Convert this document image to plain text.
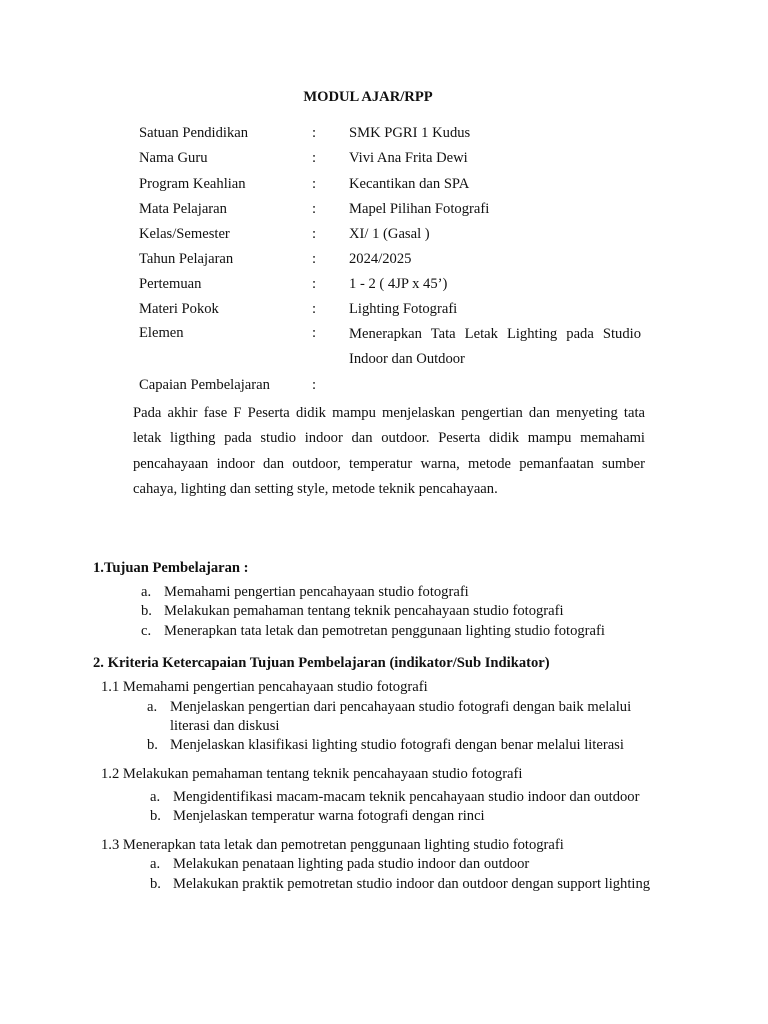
MODUL AJAR/RPP
Satuan Pendidikan	: SMK PGRI 1 Kudus
Nama Guru	: Vivi Ana Frita Dewi
Program Keahlian	: Kecantikan dan SPA
Mata Pelajaran	: Mapel Pilihan Fotografi
Kelas/Semester	: XI/ 1 (Gasal )
Tahun Pelajaran	: 2024/2025
Pertemuan	: 1 - 2 ( 4JP x 45’)
Materi Pokok	: Lighting Fotografi
Elemen	: Menerapkan Tata Letak Lighting pada Studio Indoor dan Outdoor
Capaian Pembelajaran	:
Pada akhir fase F Peserta didik mampu menjelaskan pengertian dan menyeting tata letak ligthing pada studio indoor dan outdoor. Peserta didik mampu memahami pencahayaan indoor dan outdoor, temperatur warna, metode pemanfaatan sumber cahaya, lighting dan setting style, metode teknik pencahayaan.
1.Tujuan Pembelajaran :
a. Memahami pengertian pencahayaan studio fotografi
b. Melakukan pemahaman tentang teknik pencahayaan studio fotografi
c. Menerapkan tata letak dan pemotretan penggunaan lighting studio fotografi
2. Kriteria Ketercapaian Tujuan Pembelajaran (indikator/Sub Indikator)
1.1 Memahami pengertian pencahayaan studio fotografi
a. Menjelaskan pengertian dari pencahayaan studio fotografi dengan baik melalui literasi dan diskusi
b. Menjelaskan klasifikasi lighting studio fotografi dengan benar melalui literasi
1.2 Melakukan pemahaman tentang teknik pencahayaan studio fotografi
a. Mengidentifikasi macam-macam teknik pencahayaan studio indoor dan outdoor
b. Menjelaskan temperatur warna fotografi dengan rinci
1.3 Menerapkan tata letak dan pemotretan penggunaan lighting studio fotografi
a. Melakukan penataan lighting pada studio indoor dan outdoor
b. Melakukan praktik pemotretan studio indoor dan outdoor dengan support lighting
